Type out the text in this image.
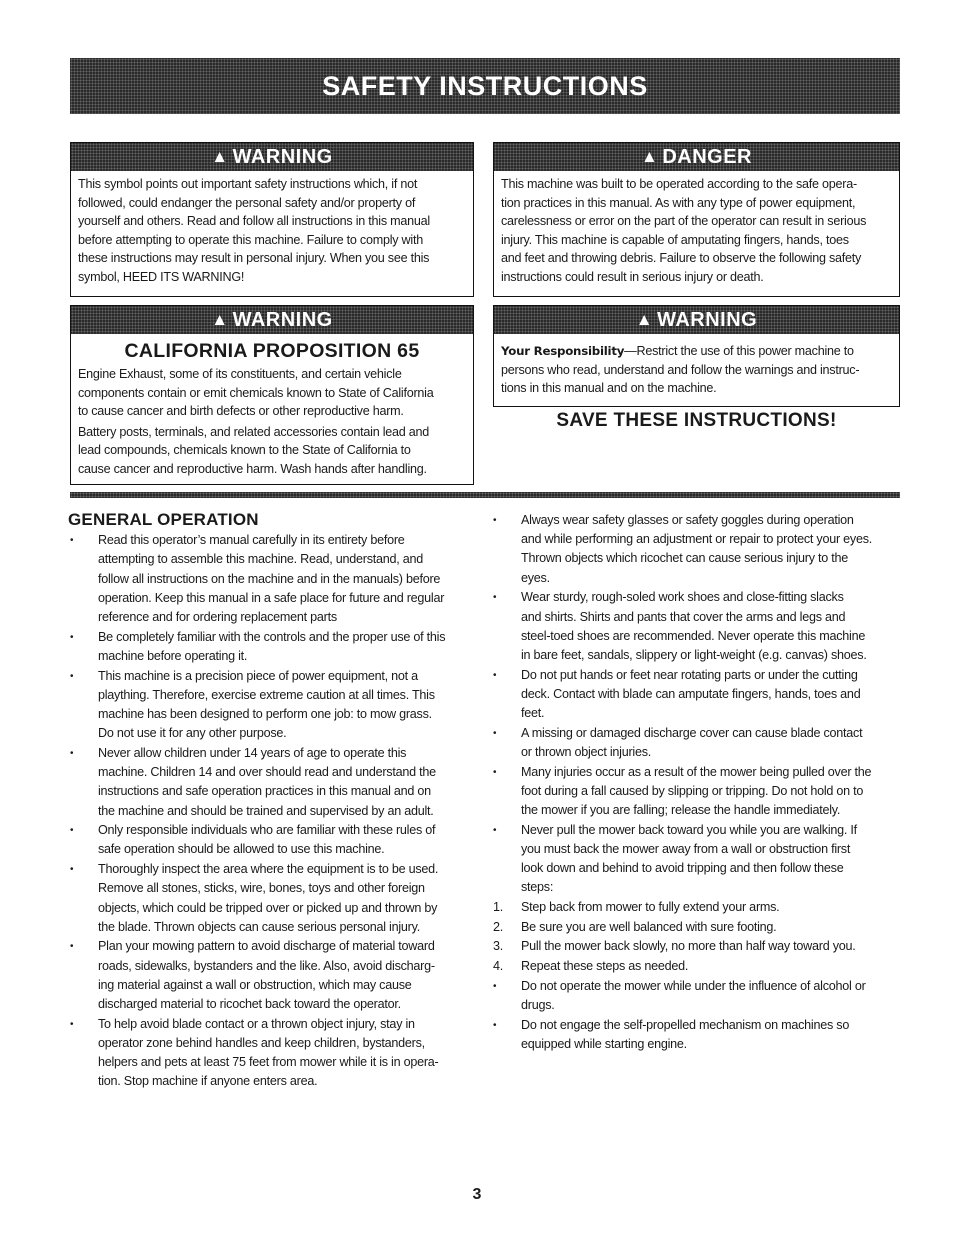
SAFETY INSTRUCTIONS
▲ WARNING

This symbol points out important safety instructions which, if not

followed, could endanger the personal safety and/or property of

yourself and others. Read and follow all instructions in this manual

before attempting to operate this machine. Failure to comply with

these instructions may result in personal injury. When you see this

symbol, HEED ITS WARNING!

▲ DANGER

This machine was built to be operated according to the safe opera-

tion practices in this manual. As with any type of power equipment,

carelessness or error on the part of the operator can result in serious

injury. This machine is capable of amputating fingers, hands, toes

and feet and throwing debris. Failure to observe the following safety

instructions could result in serious injury or death.

▲ WARNING
CALIFORNIA PROPOSITION 65

Engine Exhaust, some of its constituents, and certain vehicle

components contain or emit chemicals known to State of California

to cause cancer and birth defects or other reproductive harm.

Battery posts, terminals, and related accessories contain lead and

lead compounds, chemicals known to the State of California to

cause cancer and reproductive harm. Wash hands after handling.

▲ WARNING

Your Responsibility—Restrict the use of this power machine to

persons who read, understand and follow the warnings and instruc-

tions in this manual and on the machine.

SAVE THESE INSTRUCTIONS!
GENERAL OPERATION
•	Read this operator’s manual carefully in its entirety before
attempting to assemble this machine. Read, understand, and
follow all instructions on the machine and in the manuals) before
operation. Keep this manual in a safe place for future and regular
reference and for ordering replacement parts
•	Be completely familiar with the controls and the proper use of this
machine before operating it.
•	This machine is a precision piece of power equipment, not a
plaything. Therefore, exercise extreme caution at all times. This
machine has been designed to perform one job: to mow grass.
Do not use it for any other purpose.
•	Never allow children under 14 years of age to operate this
machine. Children 14 and over should read and understand the
instructions and safe operation practices in this manual and on
the machine and should be trained and supervised by an adult.
•	Only responsible individuals who are familiar with these rules of
safe operation should be allowed to use this machine.
•	Thoroughly inspect the area where the equipment is to be used.
Remove all stones, sticks, wire, bones, toys and other foreign
objects, which could be tripped over or picked up and thrown by
the blade. Thrown objects can cause serious personal injury.
•	Plan your mowing pattern to avoid discharge of material toward
roads, sidewalks, bystanders and the like. Also, avoid discharg-
ing material against a wall or obstruction, which may cause
discharged material to ricochet back toward the operator.
•	To help avoid blade contact or a thrown object injury, stay in
operator zone behind handles and keep children, bystanders,
helpers and pets at least 75 feet from mower while it is in opera-
tion. Stop machine if anyone enters area.
•	Always wear safety glasses or safety goggles during operation
and while performing an adjustment or repair to protect your eyes.
Thrown objects which ricochet can cause serious injury to the
eyes.
•	Wear sturdy, rough-soled work shoes and close-fitting slacks
and shirts. Shirts and pants that cover the arms and legs and
steel-toed shoes are recommended. Never operate this machine
in bare feet, sandals, slippery or light-weight (e.g. canvas) shoes.
•	Do not put hands or feet near rotating parts or under the cutting
deck. Contact with blade can amputate fingers, hands, toes and
feet.
•	A missing or damaged discharge cover can cause blade contact
or thrown object injuries.
•	Many injuries occur as a result of the mower being pulled over the
foot during a fall caused by slipping or tripping. Do not hold on to
the mower if you are falling; release the handle immediately.
•	Never pull the mower back toward you while you are walking. If
you must back the mower away from a wall or obstruction first
look down and behind to avoid tripping and then follow these
steps:
1.	Step back from mower to fully extend your arms.
2.	Be sure you are well balanced with sure footing.
3.	Pull the mower back slowly, no more than half way toward you.
4.	Repeat these steps as needed.
•	Do not operate the mower while under the influence of alcohol or
drugs.
•	Do not engage the self-propelled mechanism on machines so
equipped while starting engine.
3
